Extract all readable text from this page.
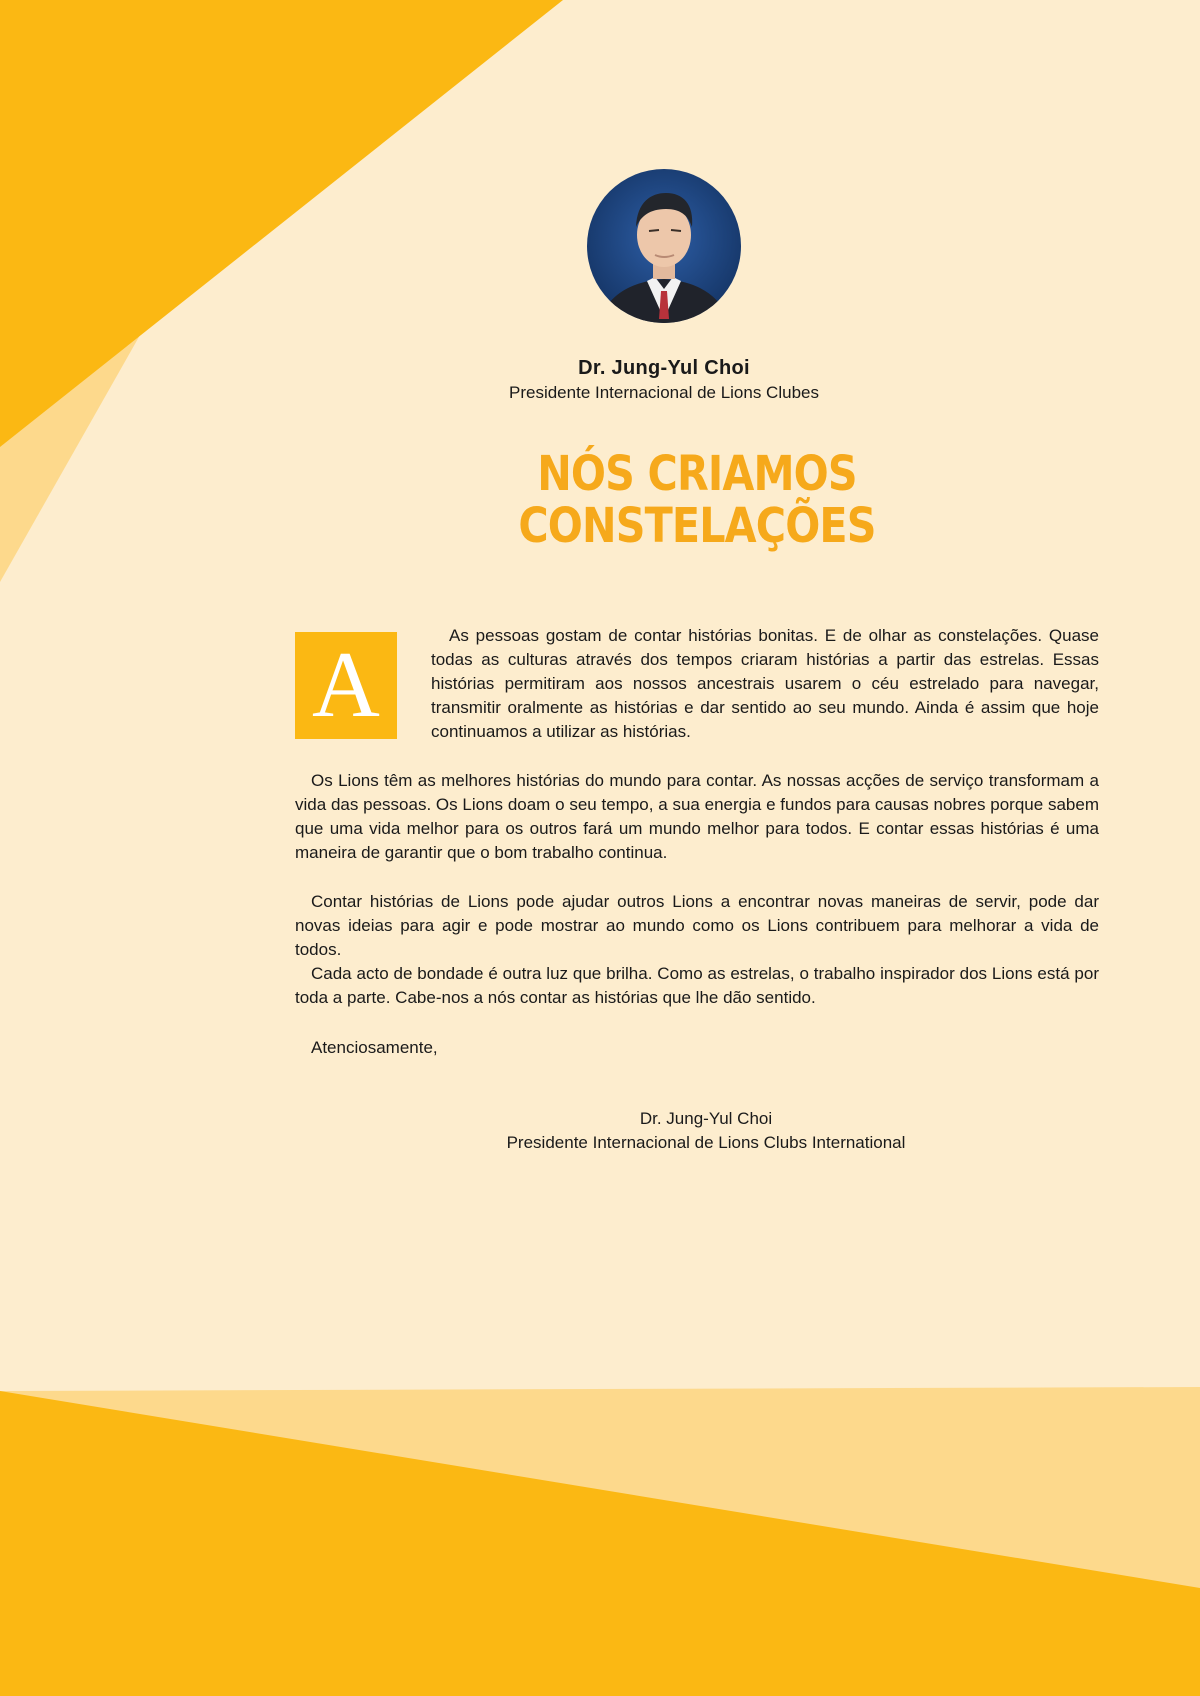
Dr. Jung-Yul Choi
Presidente Internacional de Lions Clubes
NÓS CRIAMOS
CONSTELAÇÕES
A	As pessoas gostam de contar histórias bonitas. E de olhar as constelações. Quase todas as culturas através dos tempos criaram histórias a partir das estrelas. Essas histórias permitiram aos nossos ancestrais usarem o céu estrelado para navegar, transmitir oralmente as histórias e dar sentido ao seu mundo. Ainda é assim que hoje continuamos a utilizar as histórias.

Os Lions têm as melhores histórias do mundo para contar. As nossas acções de serviço transformam a vida das pessoas. Os Lions doam o seu tempo, a sua energia e fundos para causas nobres porque sabem que uma vida melhor para os outros fará um mundo melhor para todos. E contar essas histórias é uma maneira de garantir que o bom trabalho continua.

Contar histórias de Lions pode ajudar outros Lions a encontrar novas maneiras de servir, pode dar novas ideias para agir e pode mostrar ao mundo como os Lions contribuem para melhorar a vida de todos.

Cada acto de bondade é outra luz que brilha. Como as estrelas, o trabalho inspirador dos Lions está por toda a parte. Cabe-nos a nós contar as histórias que lhe dão sentido.

Atenciosamente,

Dr. Jung-Yul Choi
Presidente Internacional de Lions Clubs International
